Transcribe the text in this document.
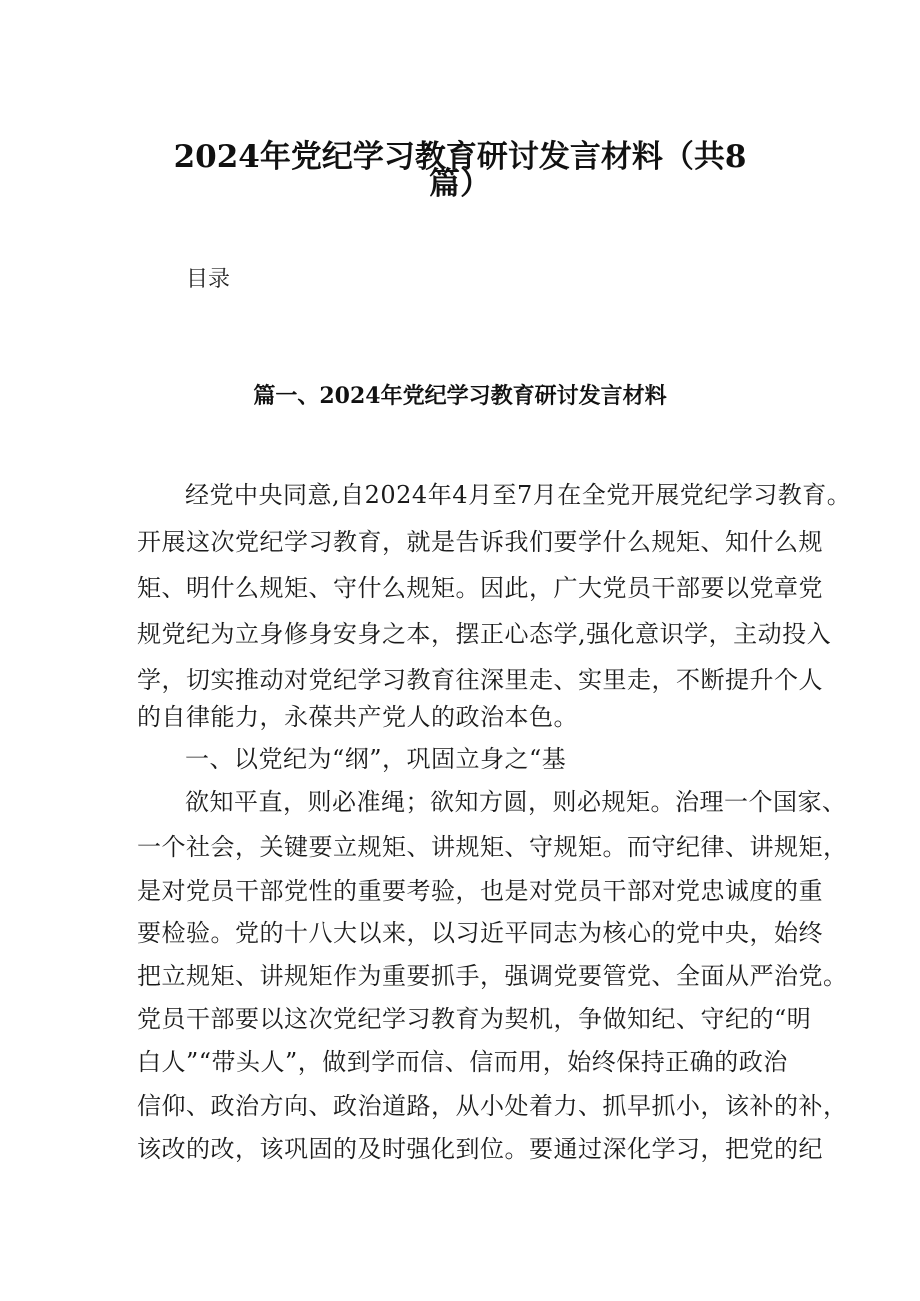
2024年党纪学习教育研讨发言材料（共8
篇）

目录

篇一、2024年党纪学习教育研讨发言材料

经党中央同意,自2024年4月至7月在全党开展党纪学习教育。

开展这次党纪学习教育，就是告诉我们要学什么规矩、知什么规

矩、明什么规矩、守什么规矩。因此，广大党员干部要以党章党

规党纪为立身修身安身之本，摆正心态学,强化意识学，主动投入

学，切实推动对党纪学习教育往深里走、实里走，不断提升个人

的自律能力，永葆共产党人的政治本色。

一、以党纪为“纲”，巩固立身之“基

欲知平直，则必准绳；欲知方圆，则必规矩。治理一个国家、

一个社会，关键要立规矩、讲规矩、守规矩。而守纪律、讲规矩，

是对党员干部党性的重要考验，也是对党员干部对党忠诚度的重

要检验。党的十八大以来，以习近平同志为核心的党中央，始终

把立规矩、讲规矩作为重要抓手，强调党要管党、全面从严治党。

党员干部要以这次党纪学习教育为契机，争做知纪、守纪的“明

白人”“带头人”，做到学而信、信而用，始终保持正确的政治

信仰、政治方向、政治道路，从小处着力、抓早抓小，该补的补，

该改的改，该巩固的及时强化到位。要通过深化学习，把党的纪
